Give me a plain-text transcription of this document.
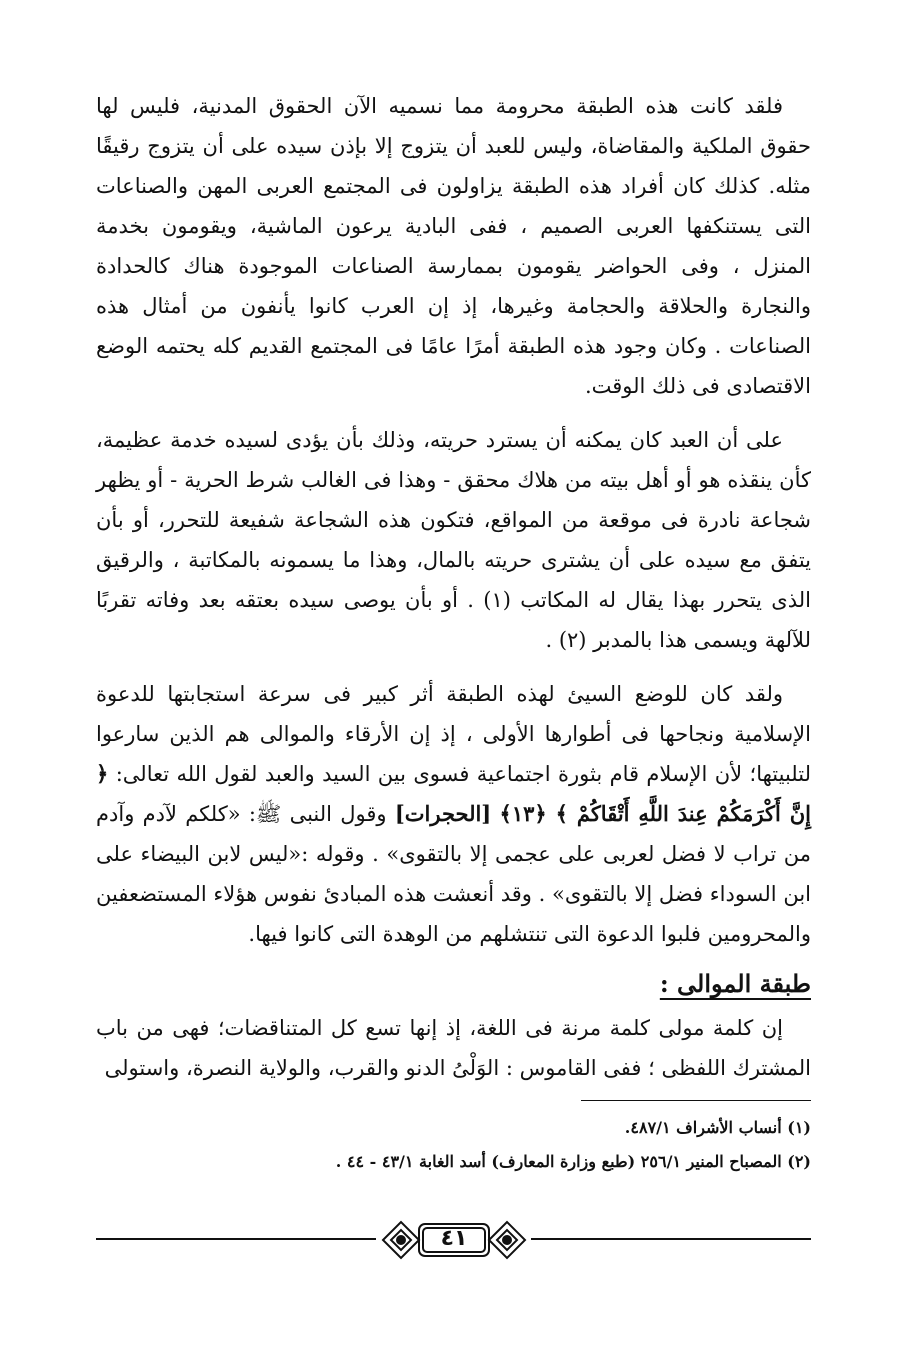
فلقد كانت هذه الطبقة محرومة مما نسميه الآن الحقوق المدنية، فليس لها حقوق الملكية والمقاضاة، وليس للعبد أن يتزوج إلا بإذن سيده على أن يتزوج رقيقًا مثله. كذلك كان أفراد هذه الطبقة يزاولون فى المجتمع العربى المهن والصناعات التى يستنكفها العربى الصميم ، ففى البادية يرعون الماشية، ويقومون بخدمة المنزل ، وفى الحواضر يقومون بممارسة الصناعات الموجودة هناك كالحدادة والنجارة والحلاقة والحجامة وغيرها، إذ إن العرب كانوا يأنفون من أمثال هذه الصناعات . وكان وجود هذه الطبقة أمرًا عامًا فى المجتمع القديم كله يحتمه الوضع الاقتصادى فى ذلك الوقت.

على أن العبد كان يمكنه أن يسترد حريته، وذلك بأن يؤدى لسيده خدمة عظيمة، كأن ينقذه هو أو أهل بيته من هلاك محقق - وهذا فى الغالب شرط الحرية - أو يظهر شجاعة نادرة فى موقعة من المواقع، فتكون هذه الشجاعة شفيعة للتحرر، أو بأن يتفق مع سيده على أن يشترى حريته بالمال، وهذا ما يسمونه بالمكاتبة ، والرقيق الذى يتحرر بهذا يقال له المكاتب (١) . أو بأن يوصى سيده بعتقه بعد وفاته تقربًا للآلهة ويسمى هذا بالمدبر (٢) .

ولقد كان للوضع السيئ لهذه الطبقة أثر كبير فى سرعة استجابتها للدعوة الإسلامية ونجاحها فى أطوارها الأولى ، إذ إن الأرقاء والموالى هم الذين سارعوا لتلبيتها؛ لأن الإسلام قام بثورة اجتماعية فسوى بين السيد والعبد لقول الله تعالى: ﴿ إِنَّ أَكْرَمَكُمْ عِندَ اللَّهِ أَتْقَاكُمْ ﴾ ﴿١٣﴾ [الحجرات] وقول النبى ﷺ: «كلكم لآدم وآدم من تراب لا فضل لعربى على عجمى إلا بالتقوى» . وقوله :«ليس لابن البيضاء على ابن السوداء فضل إلا بالتقوى» . وقد أنعشت هذه المبادئ نفوس هؤلاء المستضعفين والمحرومين فلبوا الدعوة التى تنتشلهم من الوهدة التى كانوا فيها.

طبقة الموالى :

إن كلمة مولى كلمة مرنة فى اللغة، إذ إنها تسع كل المتناقضات؛ فهى من باب المشترك اللفظى ؛ ففى القاموس : الوَلْىُ الدنو والقرب، والولاية النصرة، واستولى

(١) أنساب الأشراف ٤٨٧/١.

(٢) المصباح المنير ٢٥٦/١ (طبع وزارة المعارف) أسد الغابة ٤٣/١ - ٤٤ .

٤١
